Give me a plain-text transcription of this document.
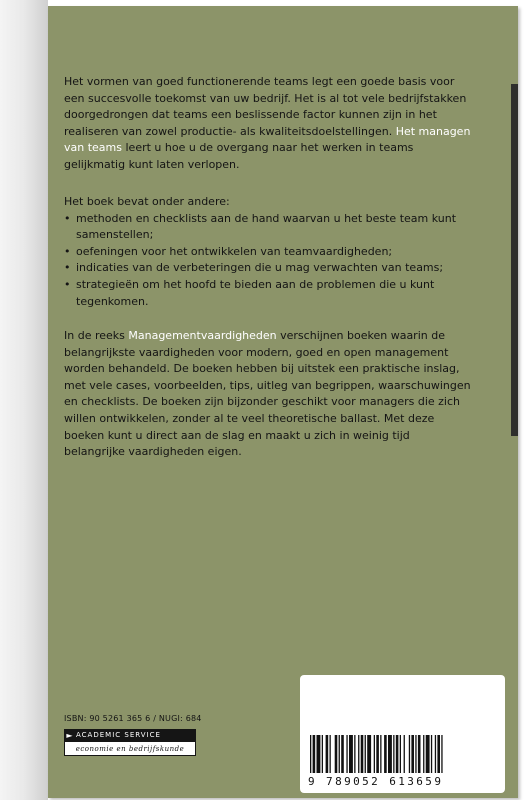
Het vormen van goed functionerende teams legt een goede basis voor een succesvolle toekomst van uw bedrijf. Het is al tot vele bedrijfstakken doorgedrongen dat teams een beslissende factor kunnen zijn in het realiseren van zowel productie- als kwaliteitsdoelstellingen. Het managen van teams leert u hoe u de overgang naar het werken in teams gelijkmatig kunt laten verlopen.
Het boek bevat onder andere:
• methoden en checklists aan de hand waarvan u het beste team kunt samenstellen;
• oefeningen voor het ontwikkelen van teamvaardigheden;
• indicaties van de verbeteringen die u mag verwachten van teams;
• strategieën om het hoofd te bieden aan de problemen die u kunt tegenkomen.
In de reeks Managementvaardigheden verschijnen boeken waarin de belangrijkste vaardigheden voor modern, goed en open management worden behandeld. De boeken hebben bij uitstek een praktische inslag, met vele cases, voorbeelden, tips, uitleg van begrippen, waarschuwingen en checklists. De boeken zijn bijzonder geschikt voor managers die zich willen ontwikkelen, zonder al te veel theoretische ballast. Met deze boeken kunt u direct aan de slag en maakt u zich in weinig tijd belangrijke vaardigheden eigen.
ISBN: 90 5261 365 6 / NUGI: 684
► ACADEMIC SERVICE
economie en bedrijfskunde
9 789052 613659
